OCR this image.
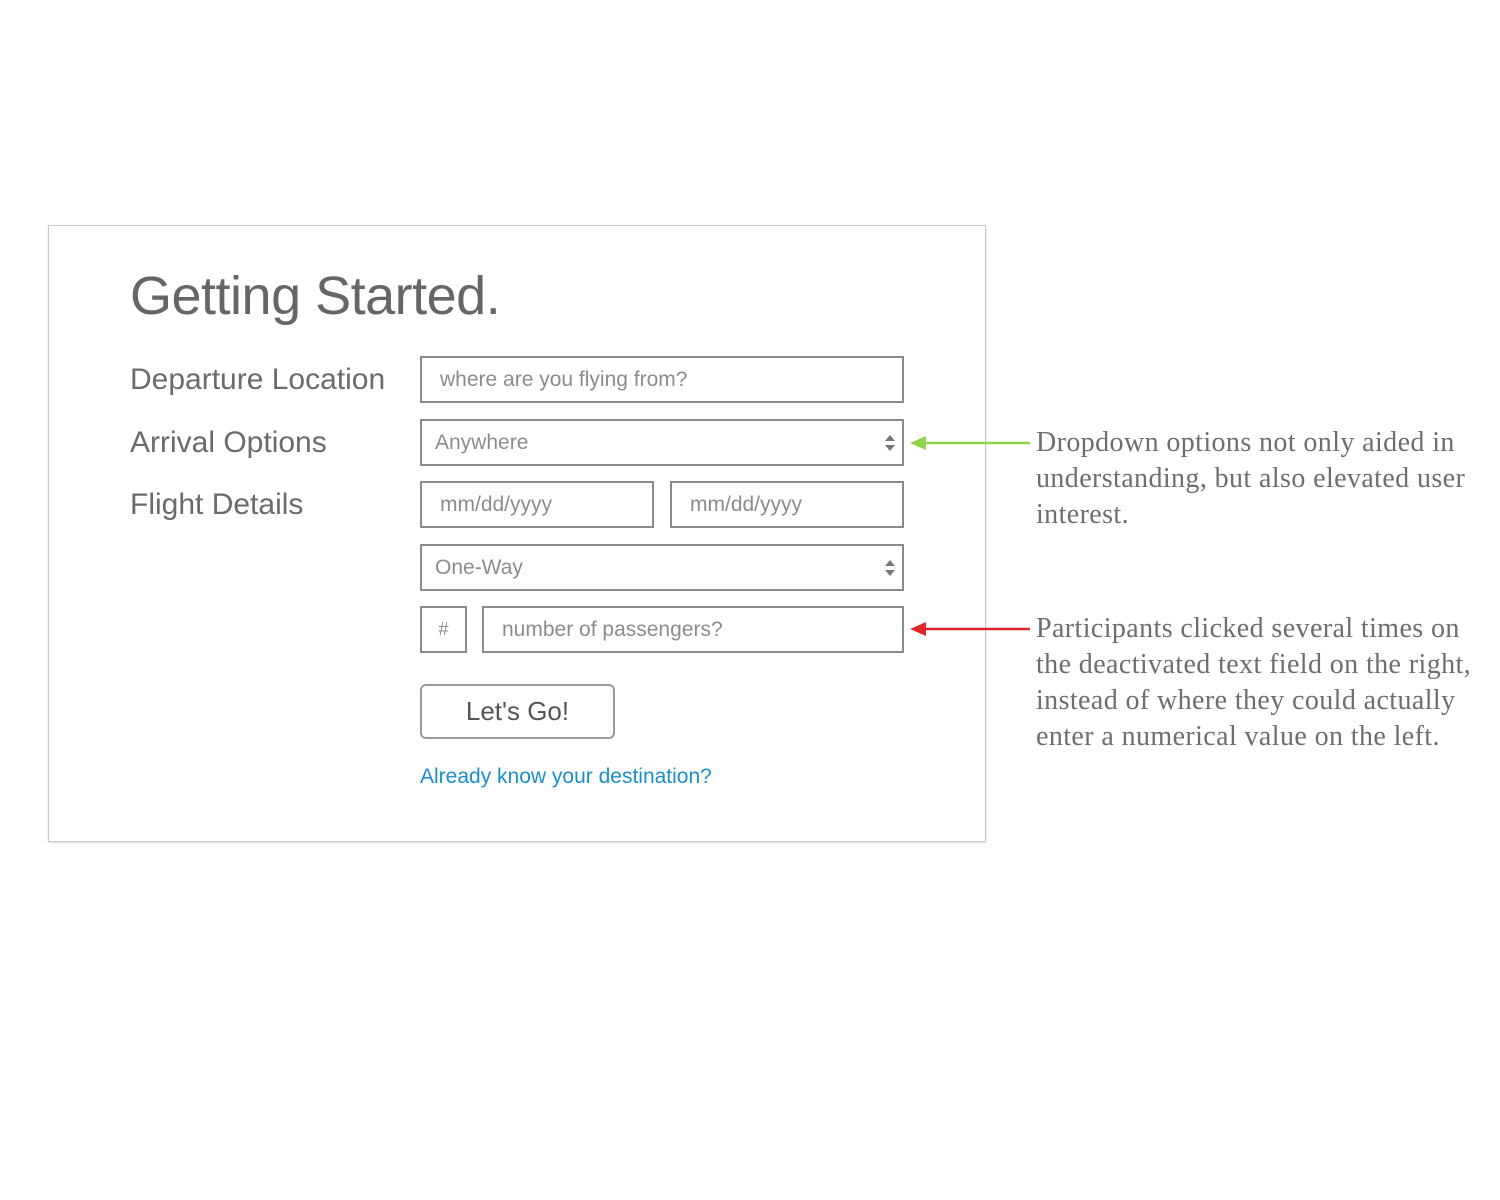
Getting Started.
Departure Location
Arrival Options
Flight Details
where are you flying from?
Anywhere
mm/dd/yyyy
mm/dd/yyyy
One-Way
#
number of passengers?
Let's Go!
Already know your destination?

Dropdown options not only aided in understanding, but also elevated user interest.

Participants clicked several times on the deactivated text field on the right, instead of where they could actually enter a numerical value on the left.
